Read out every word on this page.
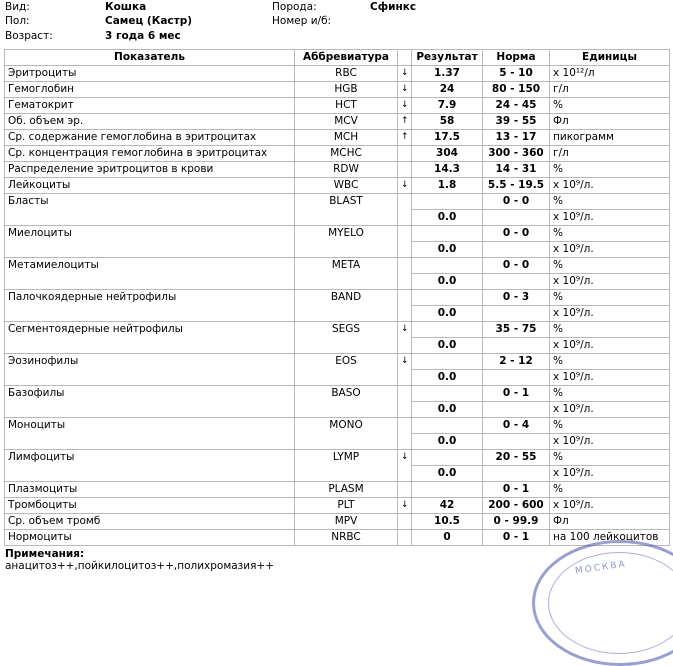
Вид:	Кошка
Пол:	Самец (Кастр)
Возраст:	3 года 6 мес
Порода:	Сфинкс
Номер и/б:
Показатель	Аббревиатура		Результат	Норма	Единицы
Эритроциты	RBC	↓	1.37	5 - 10	x 10¹²/л
Гемоглобин	HGB	↓	24	80 - 150	г/л
Гематокрит	HCT	↓	7.9	24 - 45	%
Об. объем эр.	MCV	↑	58	39 - 55	Фл
Ср. содержание гемоглобина в эритроцитах	MCH	↑	17.5	13 - 17	пикограмм
Ср. концентрация гемоглобина в эритроцитах	MCHC		304	300 - 360	г/л
Распределение эритроцитов в крови	RDW		14.3	14 - 31	%
Лейкоциты	WBC	↓	1.8	5.5 - 19.5	x 10⁹/л.
Бласты	BLAST			0 - 0	%
			0.0		x 10⁹/л.
Миелоциты	MYELO			0 - 0	%
			0.0		x 10⁹/л.
Метамиелоциты	META			0 - 0	%
			0.0		x 10⁹/л.
Палочкоядерные нейтрофилы	BAND			0 - 3	%
			0.0		x 10⁹/л.
Сегментоядерные нейтрофилы	SEGS	↓		35 - 75	%
			0.0		x 10⁹/л.
Эозинофилы	EOS	↓		2 - 12	%
			0.0		x 10⁹/л.
Базофилы	BASO			0 - 1	%
			0.0		x 10⁹/л.
Моноциты	MONO			0 - 4	%
			0.0		x 10⁹/л.
Лимфоциты	LYMP	↓		20 - 55	%
			0.0		x 10⁹/л.
Плазмоциты	PLASM			0 - 1	%
Тромбоциты	PLT	↓	42	200 - 600	x 10⁹/л.
Ср. объем тромб	MPV		10.5	0 - 99.9	Фл
Нормоциты	NRBC		0	0 - 1	на 100 лейкоцитов
Примечания:
анацитоз++,пойкилоцитоз++,полихромазия++	МОСКВА
